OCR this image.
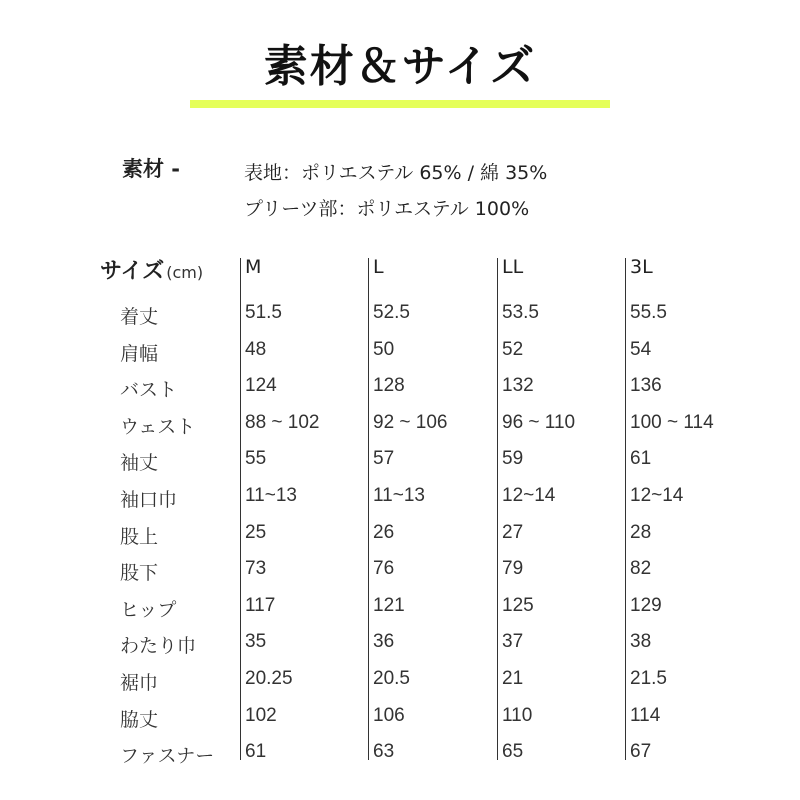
素材＆サイズ
素材 -	表地：ポリエステル 65% / 綿 35%
プリーツ部：ポリエステル 100%
サイズ (cm) M	L	LL	3L
着丈	51.5	52.5	53.5	55.5
肩幅	48	50	52	54
バスト	124	128	132	136
ウェスト	88 ~ 102	92 ~ 106	96 ~ 110	100 ~ 114
袖丈	55	57	59	61
袖口巾	11~13	11~13	12~14	12~14
股上	25	26	27	28
股下	73	76	79	82
ヒップ	117	121	125	129
わたり巾	35	36	37	38
裾巾	20.25	20.5	21	21.5
脇丈	102	106	110	114
ファスナー 61	63	65	67
